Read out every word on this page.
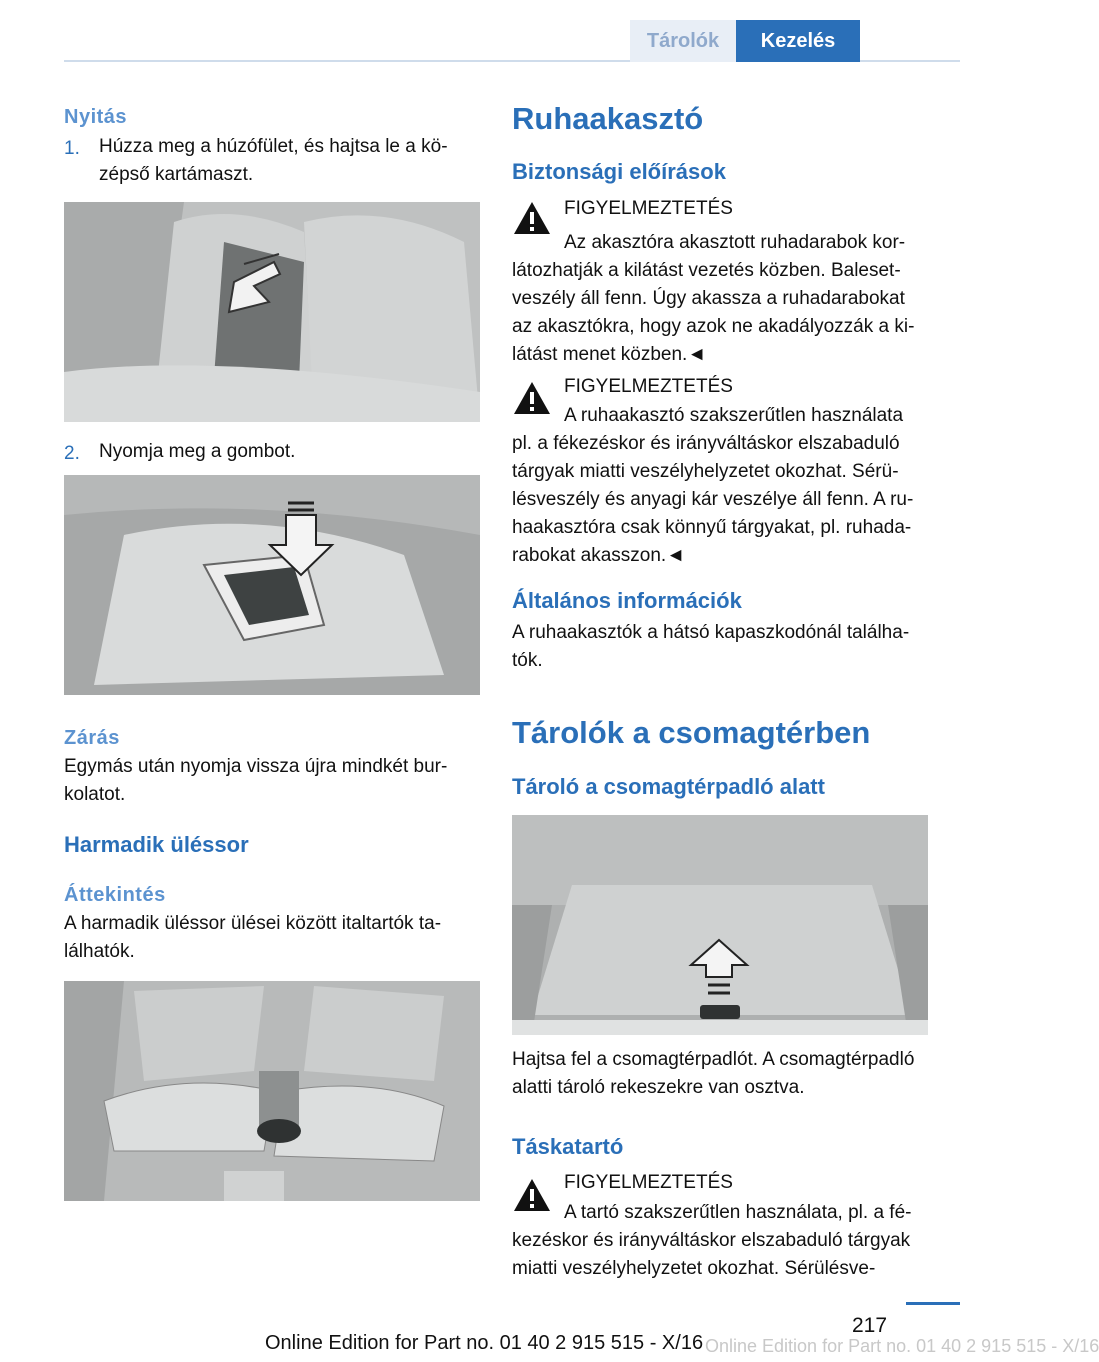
Tárolók	Kezelés
Nyitás
1. Húzza meg a húzófület, és hajtsa le a középső kartámaszt.
2. Nyomja meg a gombot.
Zárás
Egymás után nyomja vissza újra mindkét burkolatot.
Harmadik üléssor
Áttekintés
A harmadik üléssor ülései között italtartók találhatók.
Ruhaakasztó
Biztonsági előírások
FIGYELMEZTETÉS
Az akasztóra akasztott ruhadarabok korlátozhatják a kilátást vezetés közben. Balesetveszély áll fenn. Úgy akassza a ruhadarabokat az akasztókra, hogy azok ne akadályozzák a kilátást menet közben.◄
FIGYELMEZTETÉS
A ruhaakasztó szakszerűtlen használata pl. a fékezéskor és irányváltáskor elszabaduló tárgyak miatti veszélyhelyzetet okozhat. Sérülésveszély és anyagi kár veszélye áll fenn. A ruhaakasztóra csak könnyű tárgyakat, pl. ruhadarabokat akasszon.◄
Általános információk
A ruhaakasztók a hátsó kapaszkodónál találhatók.
Tárolók a csomagtérben
Tároló a csomagtérpadló alatt
Hajtsa fel a csomagtérpadlót. A csomagtérpadló alatti tároló rekeszekre van osztva.
Táskatartó
FIGYELMEZTETÉS
A tartó szakszerűtlen használata, pl. a fékezéskor és irányváltáskor elszabaduló tárgyak miatti veszélyhelyzetet okozhat. Sérülésve-
217
Online Edition for Part no. 01 40 2 915 515 - X/16 Online Edition for Part no. 01 40 2 915 515 - X/16
